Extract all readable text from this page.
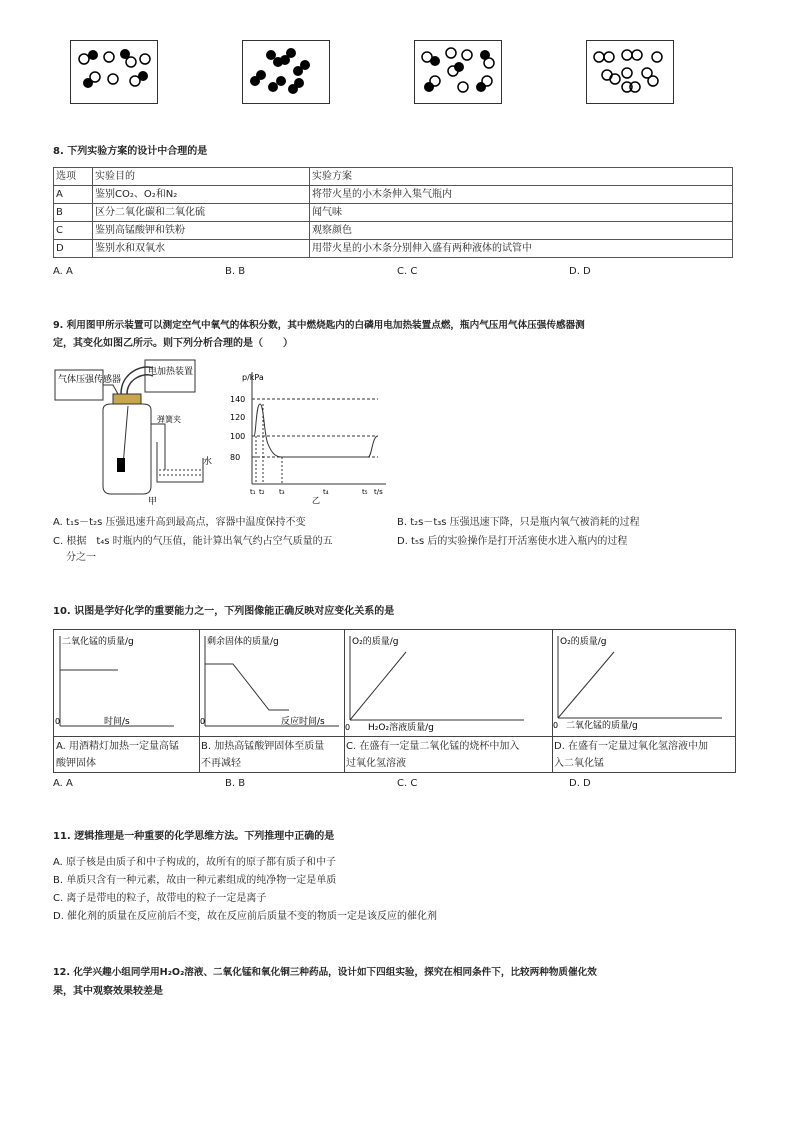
8. 下列实验方案的设计中合理的是
选项	实验目的	实验方案
A	鉴别CO₂、O₂和N₂	将带火星的小木条伸入集气瓶内
B	区分二氧化碳和二氧化硫	闻气味
C	鉴别高锰酸钾和铁粉	观察颜色
D	鉴别水和双氧水	用带火星的小木条分别伸入盛有两种液体的试管中
A. A	B. B	C. C	D. D
9. 利用图甲所示装置可以测定空气中氧气的体积分数，其中燃烧匙内的白磷用电加热装置点燃，瓶内气压用气体压强传感器测
定，其变化如图乙所示。则下列分析合理的是（　　）
气体压强传感器
电加热装置
弹簧夹
水
甲
p/kPa
140
120
100
80
t₁ t₂ t₃	t₄	t₅ t/s
乙
A. t₁s－t₂s 压强迅速升高到最高点，容器中温度保持不变	B. t₂s－t₃s 压强迅速下降，只是瓶内氧气被消耗的过程
C. 根据　t₄s 时瓶内的气压值，能计算出氧气约占空气质量的五
分之一
D. t₅s 后的实验操作是打开活塞使水进入瓶内的过程
10. 识图是学好化学的重要能力之一，下列图像能正确反映对应变化关系的是
二氧化锰的质量/g
时间/s
0
A. 用酒精灯加热一定量高锰
酸钾固体
剩余固体的质量/g
反应时间/s
0
B. 加热高锰酸钾固体至质量
不再减轻
O₂的质量/g
H₂O₂溶液质量/g
0
C. 在盛有一定量二氧化锰的烧杯中加入
过氧化氢溶液
O₂的质量/g
二氧化锰的质量/g
0
D. 在盛有一定量过氧化氢溶液中加
入二氧化锰
A. A	B. B	C. C	D. D
11. 逻辑推理是一种重要的化学思维方法。下列推理中正确的是
A. 原子核是由质子和中子构成的，故所有的原子都有质子和中子
B. 单质只含有一种元素，故由一种元素组成的纯净物一定是单质
C. 离子是带电的粒子，故带电的粒子一定是离子
D. 催化剂的质量在反应前后不变，故在反应前后质量不变的物质一定是该反应的催化剂
12. 化学兴趣小组同学用H₂O₂溶液、二氧化锰和氧化铜三种药品，设计如下四组实验，探究在相同条件下，比较两种物质催化效
果，其中观察效果较差是
